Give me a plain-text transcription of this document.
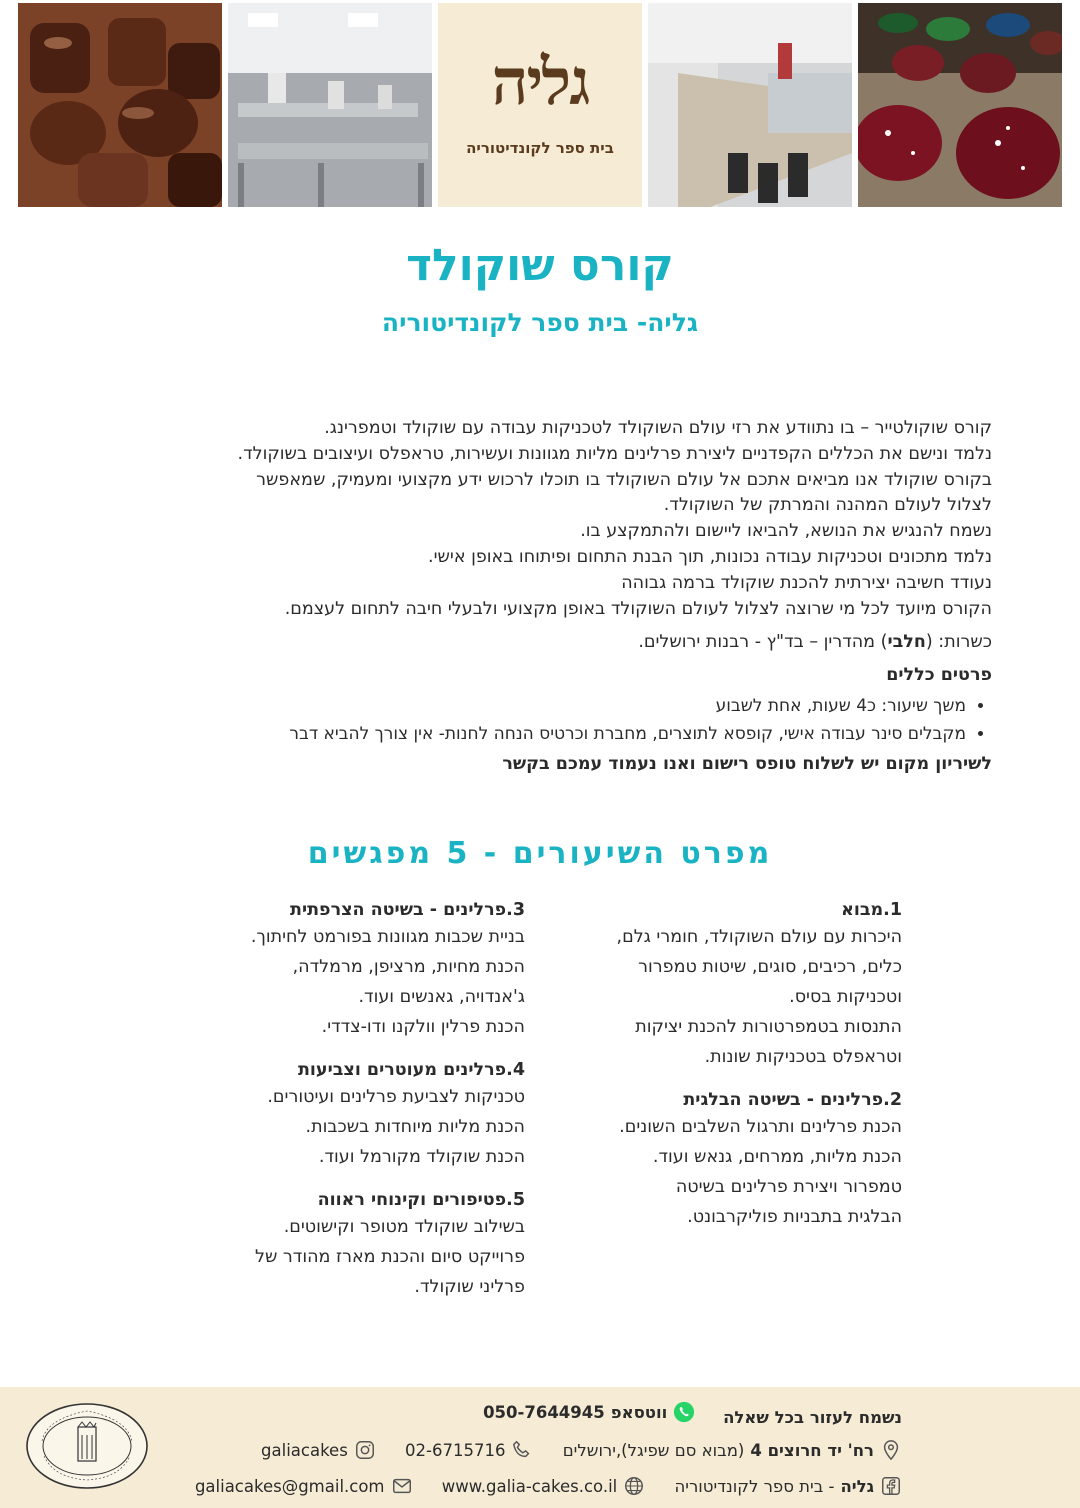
גליה
בית ספר לקונדיטוריה
קורס שוקולד
גליה- בית ספר לקונדיטוריה

קורס שוקולטייר – בו נתוודע את רזי עולם השוקולד לטכניקות עבודה עם שוקולד וטמפרינג.

נלמד ונישם את הכללים הקפדניים ליצירת פרלינים מליות מגוונות ועשירות, טראפלס ועיצובים בשוקולד.

בקורס שוקולד אנו מביאים אתכם אל עולם השוקולד בו תוכלו לרכוש ידע מקצועי ומעמיק, שמאפשר

לצלול לעולם המהנה והמרתק של השוקולד.

נשמח להנגיש את הנושא, להביאו ליישום ולהתמקצע בו.

נלמד מתכונים וטכניקות עבודה נכונות, תוך הבנת התחום ופיתוחו באופן אישי.

נעודד חשיבה יצירתית להכנת שוקולד ברמה גבוהה

הקורס מיועד לכל מי שרוצה לצלול לעולם השוקולד באופן מקצועי ולבעלי חיבה לתחום לעצמם.

כשרות: (חלבי) מהדרין – בד"ץ - רבנות ירושלים.
פרטים כללים
• משך שיעור: כ4 שעות, אחת לשבוע
• מקבלים סינר עבודה אישי, קופסא לתוצרים, מחברת וכרטיס הנחה לחנות- אין צורך להביא דבר
לשיריון מקום יש לשלוח טופס רישום ואנו נעמוד עמכם בקשר
מפרט השיעורים - 5 מפגשים
1.מבוא
היכרות עם עולם השוקולד, חומרי גלם,
כלים, רכיבים, סוגים, שיטות טמפרור
וטכניקות בסיס.
התנסות בטמפרטורות להכנת יציקות
וטראפלס בטכניקות שונות.
2.פרלינים - בשיטה הבלגית
הכנת פרלינים ותרגול השלבים השונים.
הכנת מליות, ממרחים, גנאש ועוד.
טמפרור ויצירת פרלינים בשיטה
הבלגית בתבניות פוליקרבונט.
3.פרלינים - בשיטה הצרפתית
בניית שכבות מגוונות בפורמט לחיתוך.
הכנת מחיות, מרציפן, מרמלדה,
ג'אנדויה, גאנשים ועוד.
הכנת פרלין וולקנו ודו-צדדי.
4.פרלינים מעוטרים וצביעות
טכניקות לצביעת פרלינים ועיטורים.
הכנת מליות מיוחדות בשכבות.
הכנת שוקולד מקורמל ועוד.
5.פטיפורים וקינוחי ראווה
בשילוב שוקולד מטופר וקישוטים.
פרוייקט סיום והכנת מארז מהודר של
פרליני שוקולד.
נשמח לעזור בכל שאלה
ווטסאפ
050-7644945
רח' יד חרוצים 4
(מבוא סם שפיגל),ירושלים

02-6715716

galiacakes
גליה
- בית ספר לקונדיטוריה

www.galia-cakes.co.il

galiacakes@gmail.com
